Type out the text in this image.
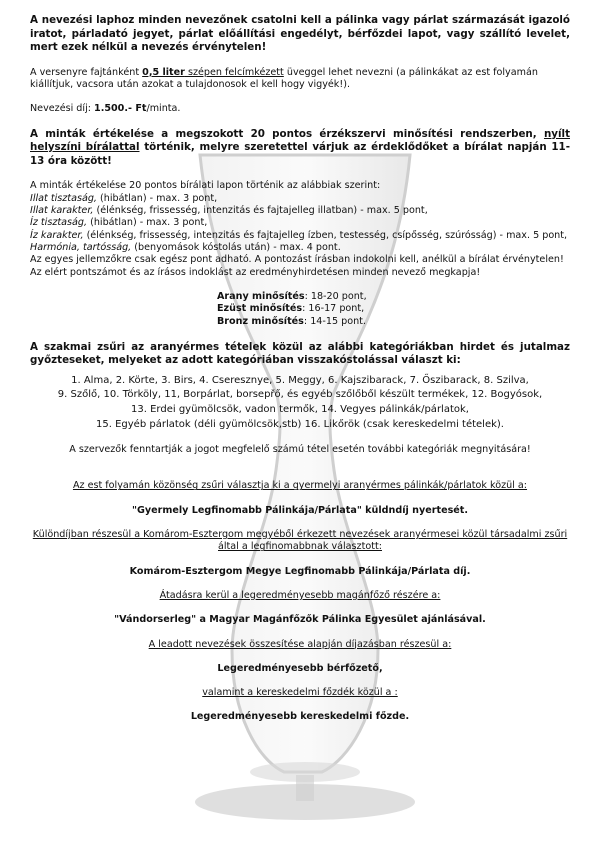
A nevezési laphoz minden nevezőnek csatolni kell a pálinka vagy párlat származását igazoló iratot, párladató jegyet, párlat előállítási engedélyt, bérfőzdei lapot, vagy szállító levelet, mert ezek nélkül a nevezés érvénytelen!

A versenyre fajtánként 0,5 liter szépen felcímkézett üveggel lehet nevezni (a pálinkákat az est folyamán kiállítjuk, vacsora után azokat a tulajdonosok el kell hogy vigyék!).

Nevezési díj: 1.500.- Ft/minta.

A minták értékelése a megszokott 20 pontos érzékszervi minősítési rendszerben, nyílt helyszíni bírálattal történik, melyre szeretettel várjuk az érdeklődőket a bírálat napján 11-13 óra között!

A minták értékelése 20 pontos bírálati lapon történik az alábbiak szerint:

Illat tisztaság, (hibátlan) - max. 3 pont,
Illat karakter, (élénkség, frissesség, intenzitás és fajtajelleg illatban) - max. 5 pont,
Íz tisztaság, (hibátlan) - max. 3 pont,
Íz karakter, (élénkség, frissesség, intenzitás és fajtajelleg ízben, testesség, csípősség, szúrósság) - max. 5 pont,
Harmónia, tartósság, (benyomások kóstolás után) - max. 4 pont.

Az egyes jellemzőkre csak egész pont adható. A pontozást írásban indokolni kell, anélkül a bírálat érvénytelen!

Az elért pontszámot és az írásos indoklást az eredményhirdetésen minden nevező megkapja!

Arany minősítés: 18-20 pont,
Ezüst minősítés: 16-17 pont,
Bronz minősítés: 14-15 pont.

A szakmai zsűri az aranyérmes tételek közül az alábbi kategóriákban hirdet és jutalmaz győzteseket, melyeket az adott kategóriában visszakóstolással választ ki:

1. Alma, 2. Körte, 3. Birs, 4. Cseresznye, 5. Meggy, 6. Kajszibarack, 7. Őszibarack, 8. Szilva,
9. Szőlő, 10. Törköly, 11, Borpárlat, borsepřő, és egyéb szőlőből készült termékek, 12. Bogyósok,
13. Erdei gyümölcsök, vadon termők, 14. Vegyes pálinkák/párlatok,
15. Egyéb párlatok (déli gyümölcsök,stb) 16. Likőrök (csak kereskedelmi tételek).

A szervezők fenntartják a jogot megfelelő számú tétel esetén további kategóriák megnyitására!

Az est folyamán közönség zsűri választja ki a gyermelyi aranyérmes pálinkák/párlatok közül a:

"Gyermely Legfinomabb Pálinkája/Párlata" küldndíj nyertesét.

Különdíjban részesül a Komárom-Esztergom megyéből érkezett nevezések aranyérmesei közül társadalmi zsűri által a legfinomabbnak választott:

Komárom-Esztergom Megye Legfinomabb Pálinkája/Párlata díj.

Átadásra kerül a legeredményesebb magánfőző részére a:

"Vándorserleg" a Magyar Magánfőzők Pálinka Egyesület ajánlásával.

A leadott nevezések összesítése alapján díjazásban részesül a:

Legeredményesebb bérfőzető,

valamint a kereskedelmi főzdék közül a :

Legeredményesebb kereskedelmi főzde.
